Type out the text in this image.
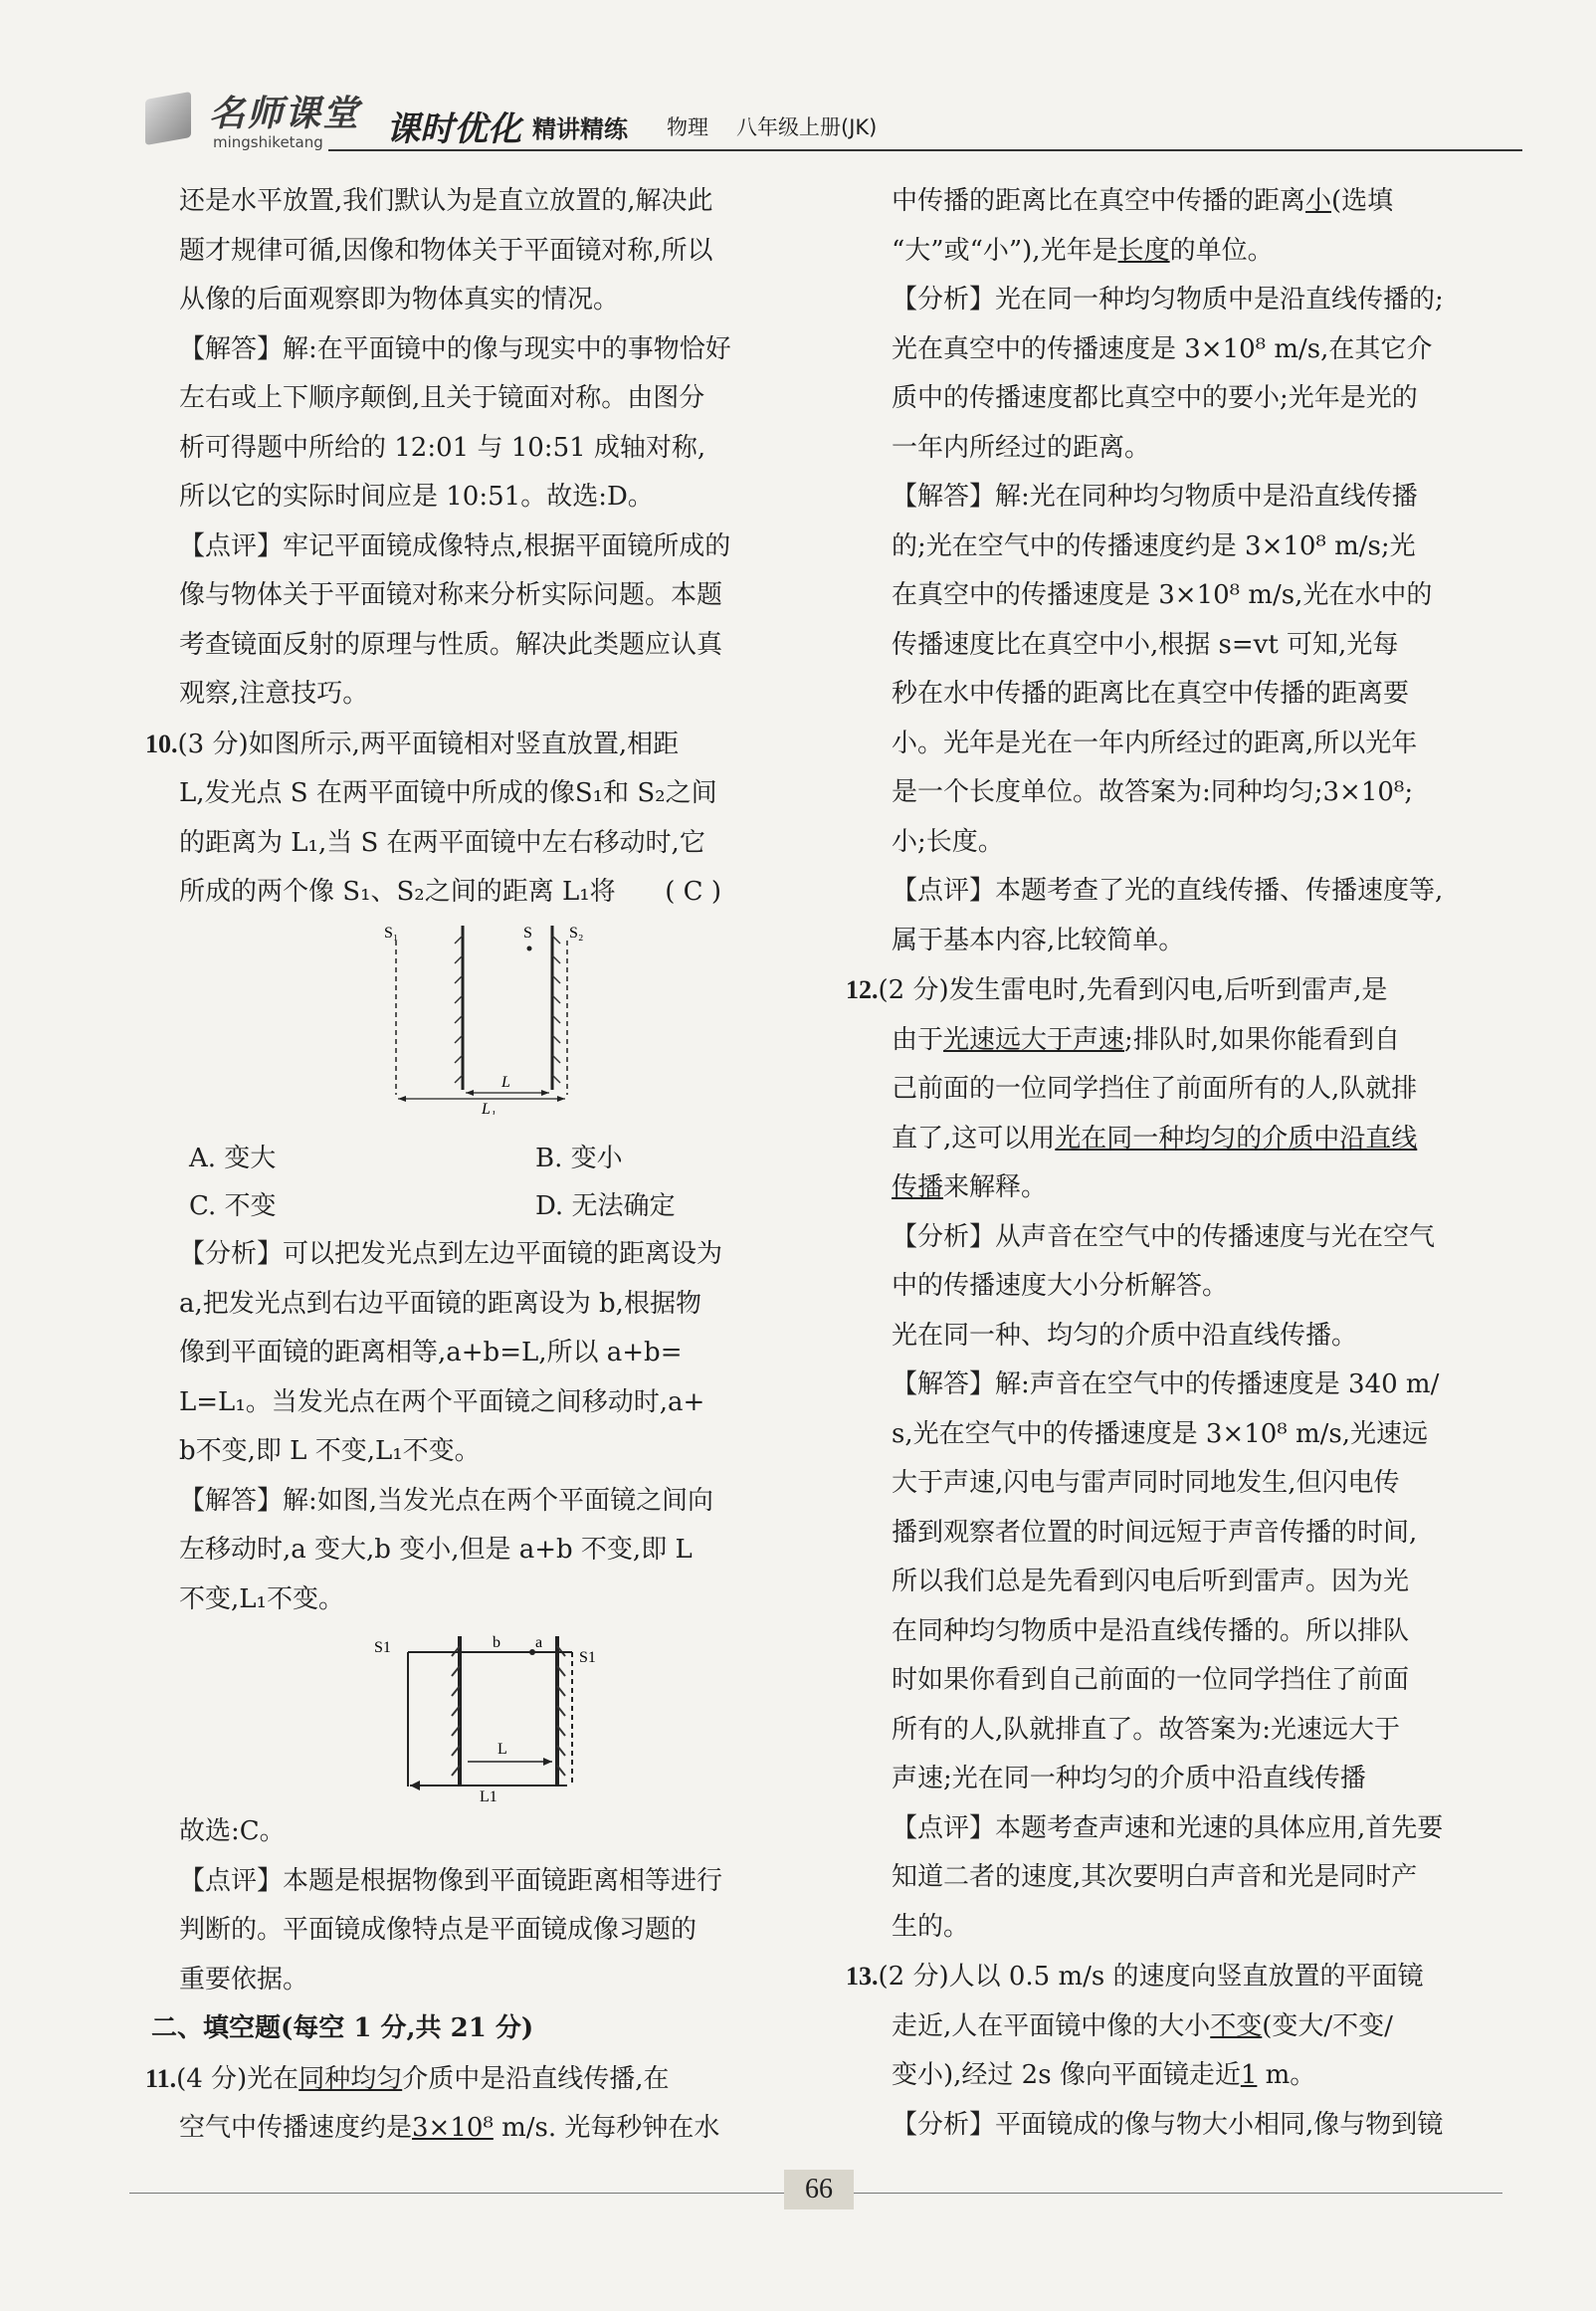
名师课堂
mingshiketang 课时优化 精讲精练 物理 八年级上册(JK)

还是水平放置,我们默认为是直立放置的,解决此

题才规律可循,因像和物体关于平面镜对称,所以

从像的后面观察即为物体真实的情况。

【解答】解:在平面镜中的像与现实中的事物恰好

左右或上下顺序颠倒,且关于镜面对称。由图分

析可得题中所给的 12:01 与 10:51 成轴对称,

所以它的实际时间应是 10:51。故选:D。

【点评】牢记平面镜成像特点,根据平面镜所成的

像与物体关于平面镜对称来分析实际问题。本题

考查镜面反射的原理与性质。解决此类题应认真

观察,注意技巧。

10.(3 分)如图所示,两平面镜相对竖直放置,相距

L,发光点 S 在两平面镜中所成的像S₁和 S₂之间

的距离为 L₁,当 S 在两平面镜中左右移动时,它

所成的两个像 S₁、S₂之间的距离 L₁将      ( C )

S₁	S S₂
L
L₁
A. 变大	B. 变小
C. 不变	D. 无法确定

【分析】可以把发光点到左边平面镜的距离设为

a,把发光点到右边平面镜的距离设为 b,根据物

像到平面镜的距离相等,a+b=L,所以 a+b=

L=L₁。当发光点在两个平面镜之间移动时,a+

b不变,即 L 不变,L₁不变。

【解答】解:如图,当发光点在两个平面镜之间向

左移动时,a 变大,b 变小,但是 a+b 不变,即 L

不变,L₁不变。

S1	b a
S1
L
L1

故选:C。

【点评】本题是根据物像到平面镜距离相等进行

判断的。平面镜成像特点是平面镜成像习题的

重要依据。

二、填空题(每空 1 分,共 21 分)

11.(4 分)光在同种均匀介质中是沿直线传播,在

空气中传播速度约是3×10⁸ m/s. 光每秒钟在水

中传播的距离比在真空中传播的距离小(选填

“大”或“小”),光年是长度的单位。

【分析】光在同一种均匀物质中是沿直线传播的;

光在真空中的传播速度是 3×10⁸ m/s,在其它介

质中的传播速度都比真空中的要小;光年是光的

一年内所经过的距离。

【解答】解:光在同种均匀物质中是沿直线传播

的;光在空气中的传播速度约是 3×10⁸ m/s;光

在真空中的传播速度是 3×10⁸ m/s,光在水中的

传播速度比在真空中小,根据 s=vt 可知,光每

秒在水中传播的距离比在真空中传播的距离要

小。光年是光在一年内所经过的距离,所以光年

是一个长度单位。故答案为:同种均匀;3×10⁸;

小;长度。

【点评】本题考查了光的直线传播、传播速度等,

属于基本内容,比较简单。

12.(2 分)发生雷电时,先看到闪电,后听到雷声,是

由于光速远大于声速;排队时,如果你能看到自

己前面的一位同学挡住了前面所有的人,队就排

直了,这可以用光在同一种均匀的介质中沿直线

传播来解释。

【分析】从声音在空气中的传播速度与光在空气

中的传播速度大小分析解答。

光在同一种、均匀的介质中沿直线传播。

【解答】解:声音在空气中的传播速度是 340 m/

s,光在空气中的传播速度是 3×10⁸ m/s,光速远

大于声速,闪电与雷声同时同地发生,但闪电传

播到观察者位置的时间远短于声音传播的时间,

所以我们总是先看到闪电后听到雷声。因为光

在同种均匀物质中是沿直线传播的。所以排队

时如果你看到自己前面的一位同学挡住了前面

所有的人,队就排直了。故答案为:光速远大于

声速;光在同一种均匀的介质中沿直线传播

【点评】本题考查声速和光速的具体应用,首先要

知道二者的速度,其次要明白声音和光是同时产

生的。

13.(2 分)人以 0.5 m/s 的速度向竖直放置的平面镜

走近,人在平面镜中像的大小不变(变大/不变/

变小),经过 2s 像向平面镜走近1 m。

【分析】平面镜成的像与物大小相同,像与物到镜

66
